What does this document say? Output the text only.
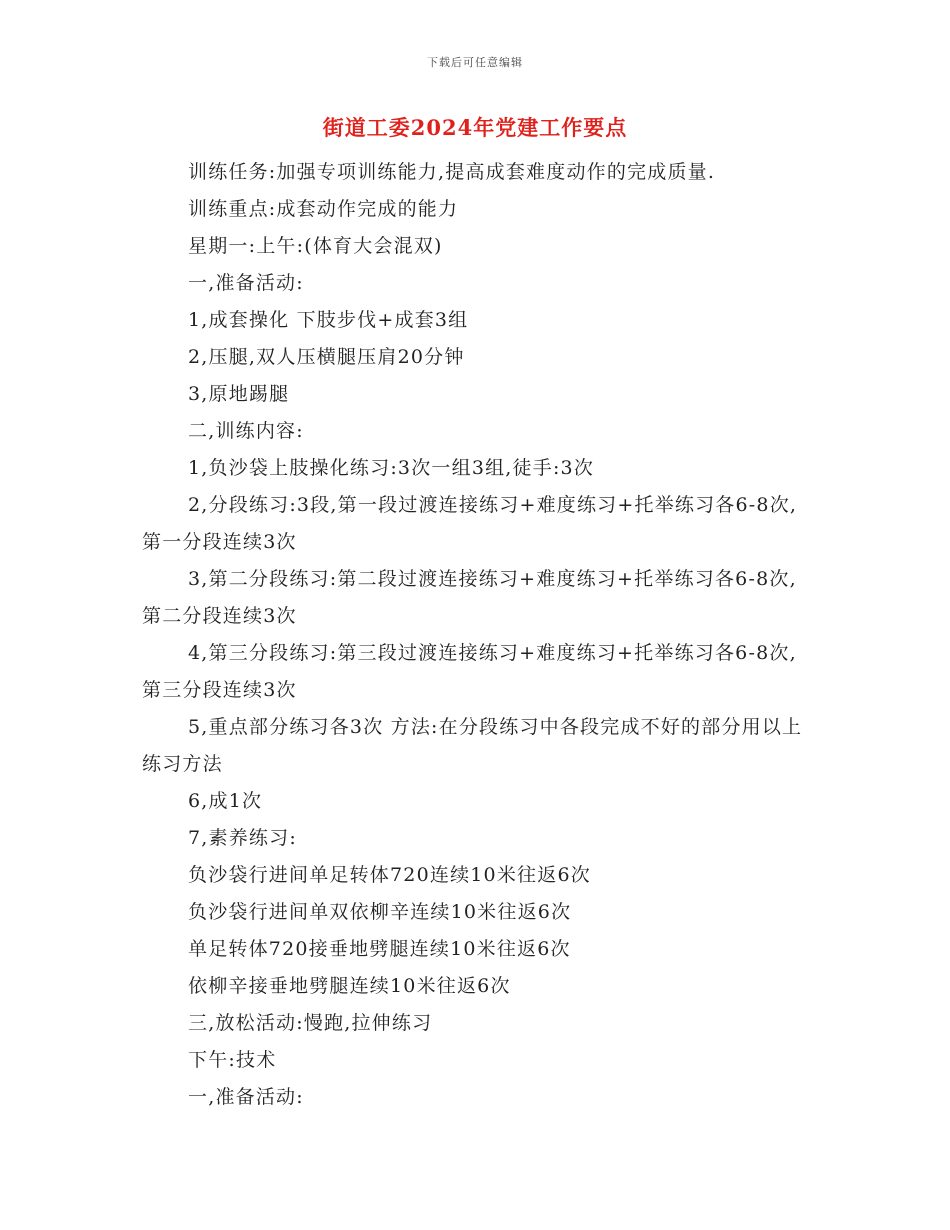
下载后可任意编辑
街道工委2024年党建工作要点

训练任务:加强专项训练能力,提高成套难度动作的完成质量.

训练重点:成套动作完成的能力

星期一:上午:(体育大会混双)

一,准备活动:

1,成套操化 下肢步伐+成套3组

2,压腿,双人压横腿压肩20分钟

3,原地踢腿

二,训练内容:

1,负沙袋上肢操化练习:3次一组3组,徒手:3次

2,分段练习:3段,第一段过渡连接练习+难度练习+托举练习各6-8次,第一分段连续3次

3,第二分段练习:第二段过渡连接练习+难度练习+托举练习各6-8次,第二分段连续3次

4,第三分段练习:第三段过渡连接练习+难度练习+托举练习各6-8次,第三分段连续3次

5,重点部分练习各3次 方法:在分段练习中各段完成不好的部分用以上练习方法

6,成1次

7,素养练习:

负沙袋行进间单足转体720连续10米往返6次

负沙袋行进间单双依柳辛连续10米往返6次

单足转体720接垂地劈腿连续10米往返6次

依柳辛接垂地劈腿连续10米往返6次

三,放松活动:慢跑,拉伸练习

下午:技术

一,准备活动:
